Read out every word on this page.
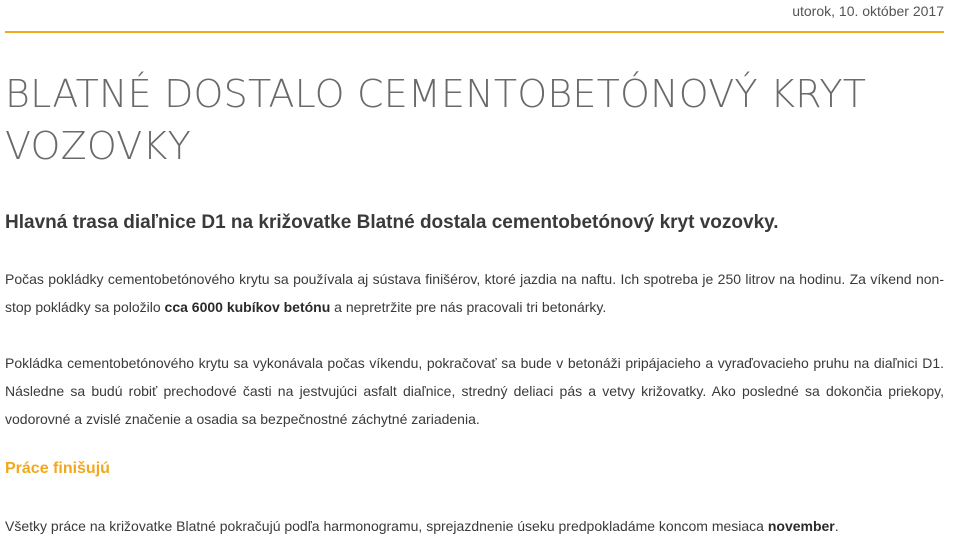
utorok, 10. október 2017
BLATNÉ DOSTALO CEMENTOBETÓNOVÝ KRYT VOZOVKY
Hlavná trasa diaľnice D1 na križovatke Blatné dostala cementobetónový kryt vozovky.

Počas pokládky cementobetónového krytu sa používala aj sústava finišérov, ktoré jazdia na naftu. Ich spotreba je 250 litrov na hodinu. Za víkend non-stop pokládky sa položilo cca 6000 kubíkov betónu a nepretržite pre nás pracovali tri betonárky.

Pokládka cementobetónového krytu sa vykonávala počas víkendu, pokračovať sa bude v betonáži pripájacieho a vyraďovacieho pruhu na diaľnici D1. Následne sa budú robiť prechodové časti na jestvujúci asfalt diaľnice, stredný deliaci pás a vetvy križovatky. Ako posledné sa dokončia priekopy, vodorovné a zvislé značenie a osadia sa bezpečnostné záchytné zariadenia.

Práce finišujú

Všetky práce na križovatke Blatné pokračujú podľa harmonogramu, sprejazdnenie úseku predpokladáme koncom mesiaca november.
